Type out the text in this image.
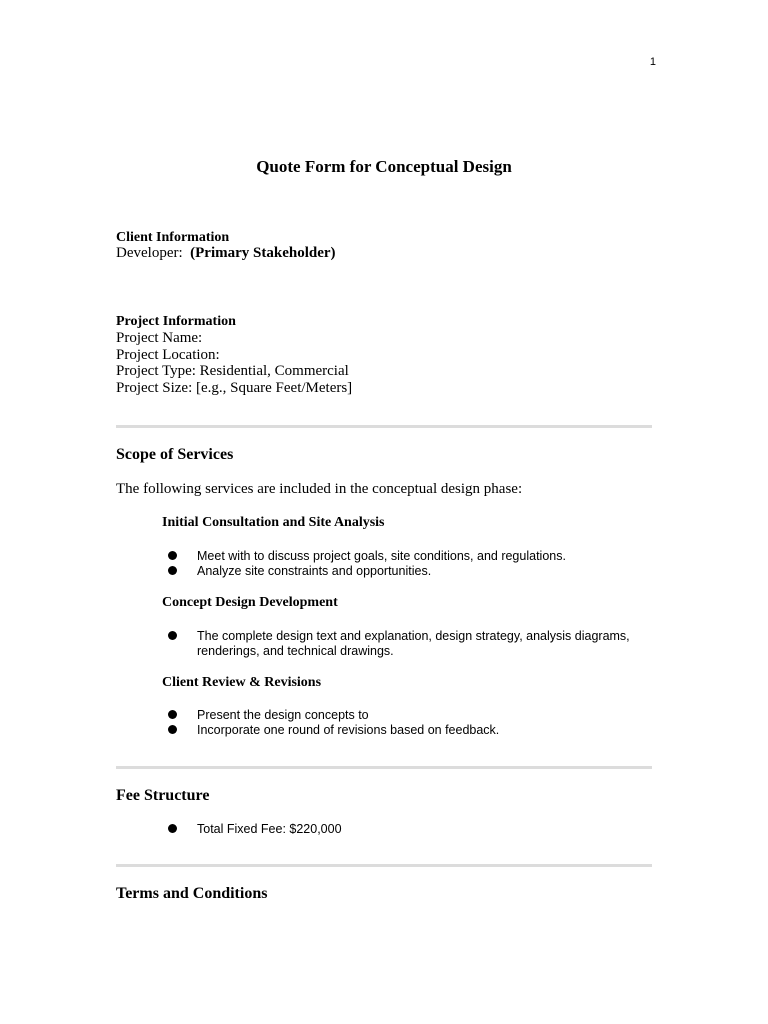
1
Quote Form for Conceptual Design
Client Information
Developer: (Primary Stakeholder)
Project Information
Project Name:
Project Location:
Project Type: Residential, Commercial
Project Size: [e.g., Square Feet/Meters]
Scope of Services
The following services are included in the conceptual design phase:
Initial Consultation and Site Analysis
Meet with to discuss project goals, site conditions, and regulations.
Analyze site constraints and opportunities.
Concept Design Development
The complete design text and explanation, design strategy, analysis diagrams, renderings, and technical drawings.
Client Review & Revisions
Present the design concepts to
Incorporate one round of revisions based on feedback.
Fee Structure
Total Fixed Fee: $220,000
Terms and Conditions
